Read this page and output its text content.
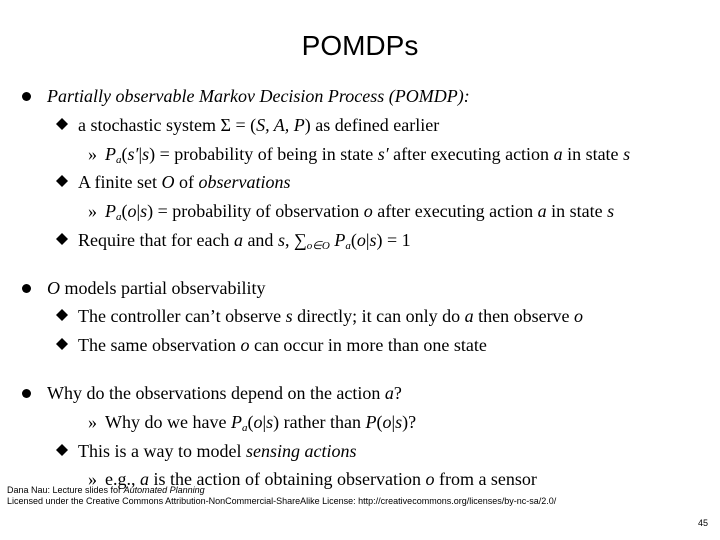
POMDPs
Partially observable Markov Decision Process (POMDP):
a stochastic system Σ = (S, A, P) as defined earlier
» $P_a(s'|s)$ = probability of being in state s′ after executing action a in state s
A finite set O of observations
» $P_a(o|s)$ = probability of observation o after executing action a in state s
Require that for each a and s, $\sum_{o\in O}$ $P_a(o|s) = 1$
O models partial observability
The controller can’t observe s directly; it can only do a then observe o
The same observation o can occur in more than one state
Why do the observations depend on the action a?
» Why do we have $P_a(o|s)$ rather than P(o|s)?
This is a way to model sensing actions
» e.g., a is the action of obtaining observation o from a sensor
Dana Nau: Lecture slides for Automated Planning
Licensed under the Creative Commons Attribution-NonCommercial-ShareAlike License: http://creativecommons.org/licenses/by-nc-sa/2.0/
45
